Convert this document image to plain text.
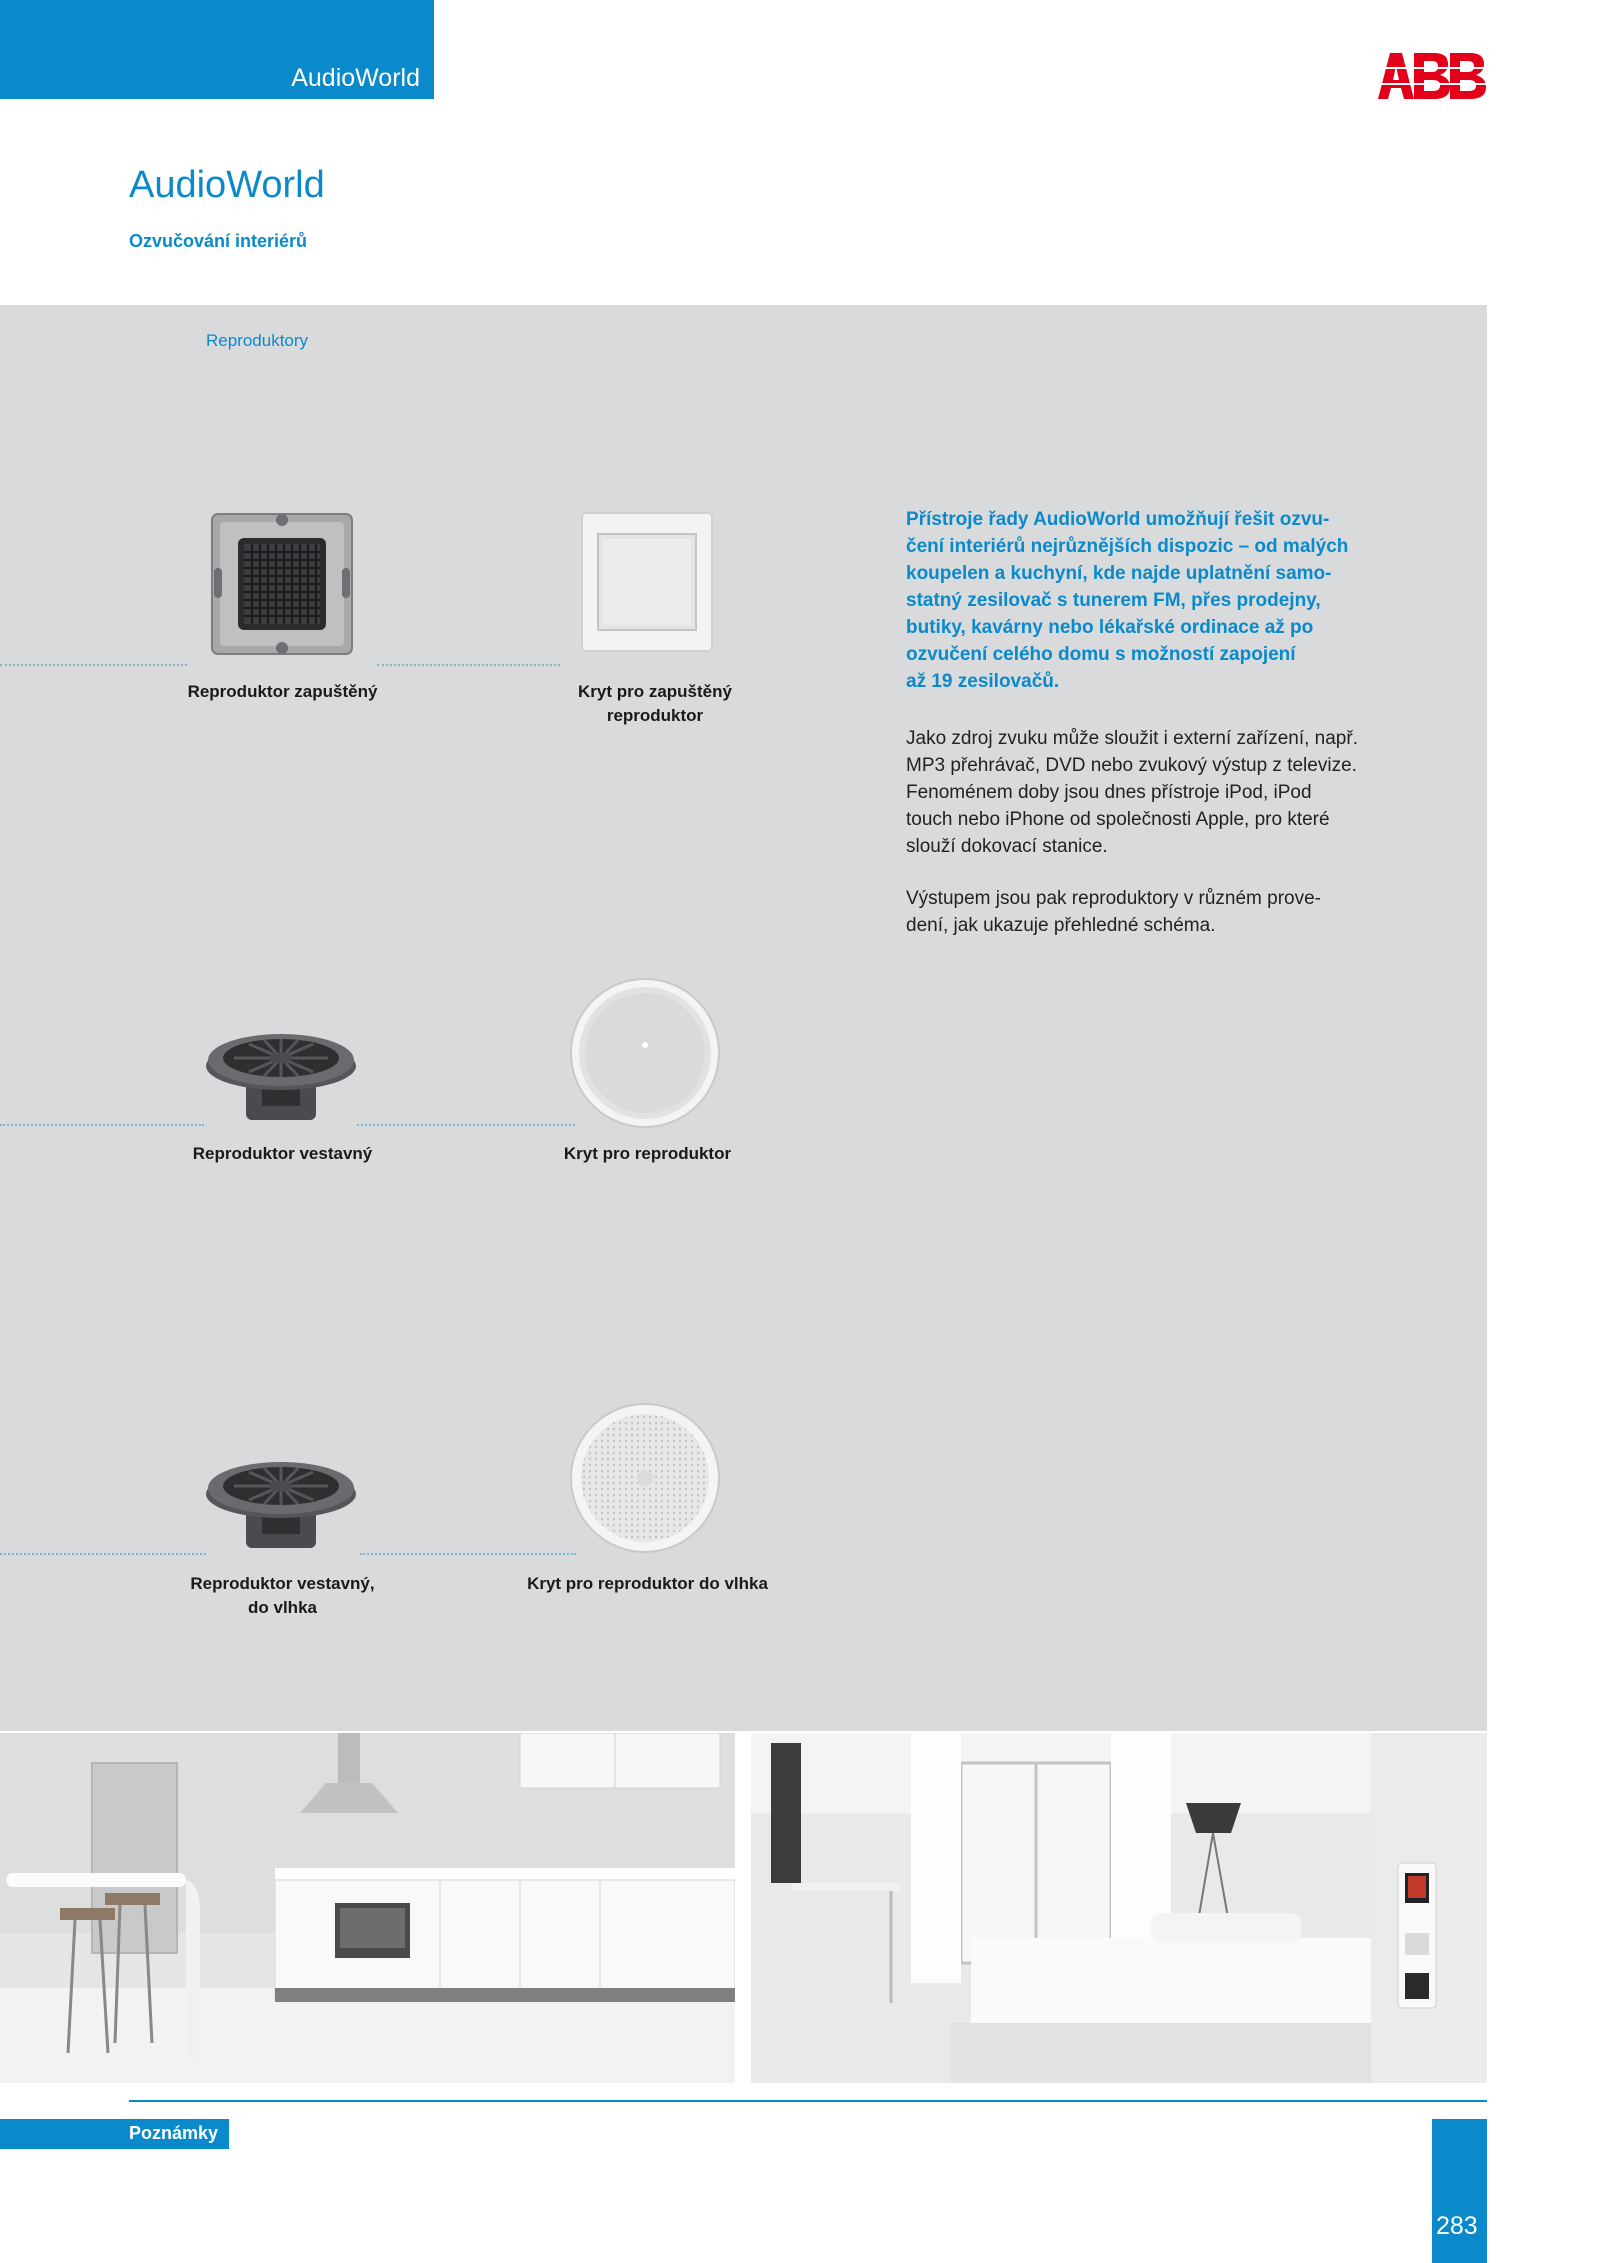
AudioWorld
ABB
AudioWorld
Ozvučování interiérů
Reproduktory
Reproduktor zapuštěný	Kryt pro zapuštěný
reproduktor
Přístroje řady AudioWorld umožňují řešit ozvu-
čení interiérů nejrůznějších dispozic – od malých
koupelen a kuchyní, kde najde uplatnění samo-
statný zesilovač s tunerem FM, přes prodejny,
butiky, kavárny nebo lékařské ordinace až po
ozvučení celého domu s možností zapojení
až 19 zesilovačů.
Jako zdroj zvuku může sloužit i externí zařízení, např.
MP3 přehrávač, DVD nebo zvukový výstup z televize.
Fenoménem doby jsou dnes přístroje iPod, iPod
touch nebo iPhone od společnosti Apple, pro které
slouží dokovací stanice.
Výstupem jsou pak reproduktory v různém prove-
dení, jak ukazuje přehledné schéma.
Reproduktor vestavný	Kryt pro reproduktor
Reproduktor vestavný,
do vlhka
Kryt pro reproduktor do vlhka
Poznámky
283
